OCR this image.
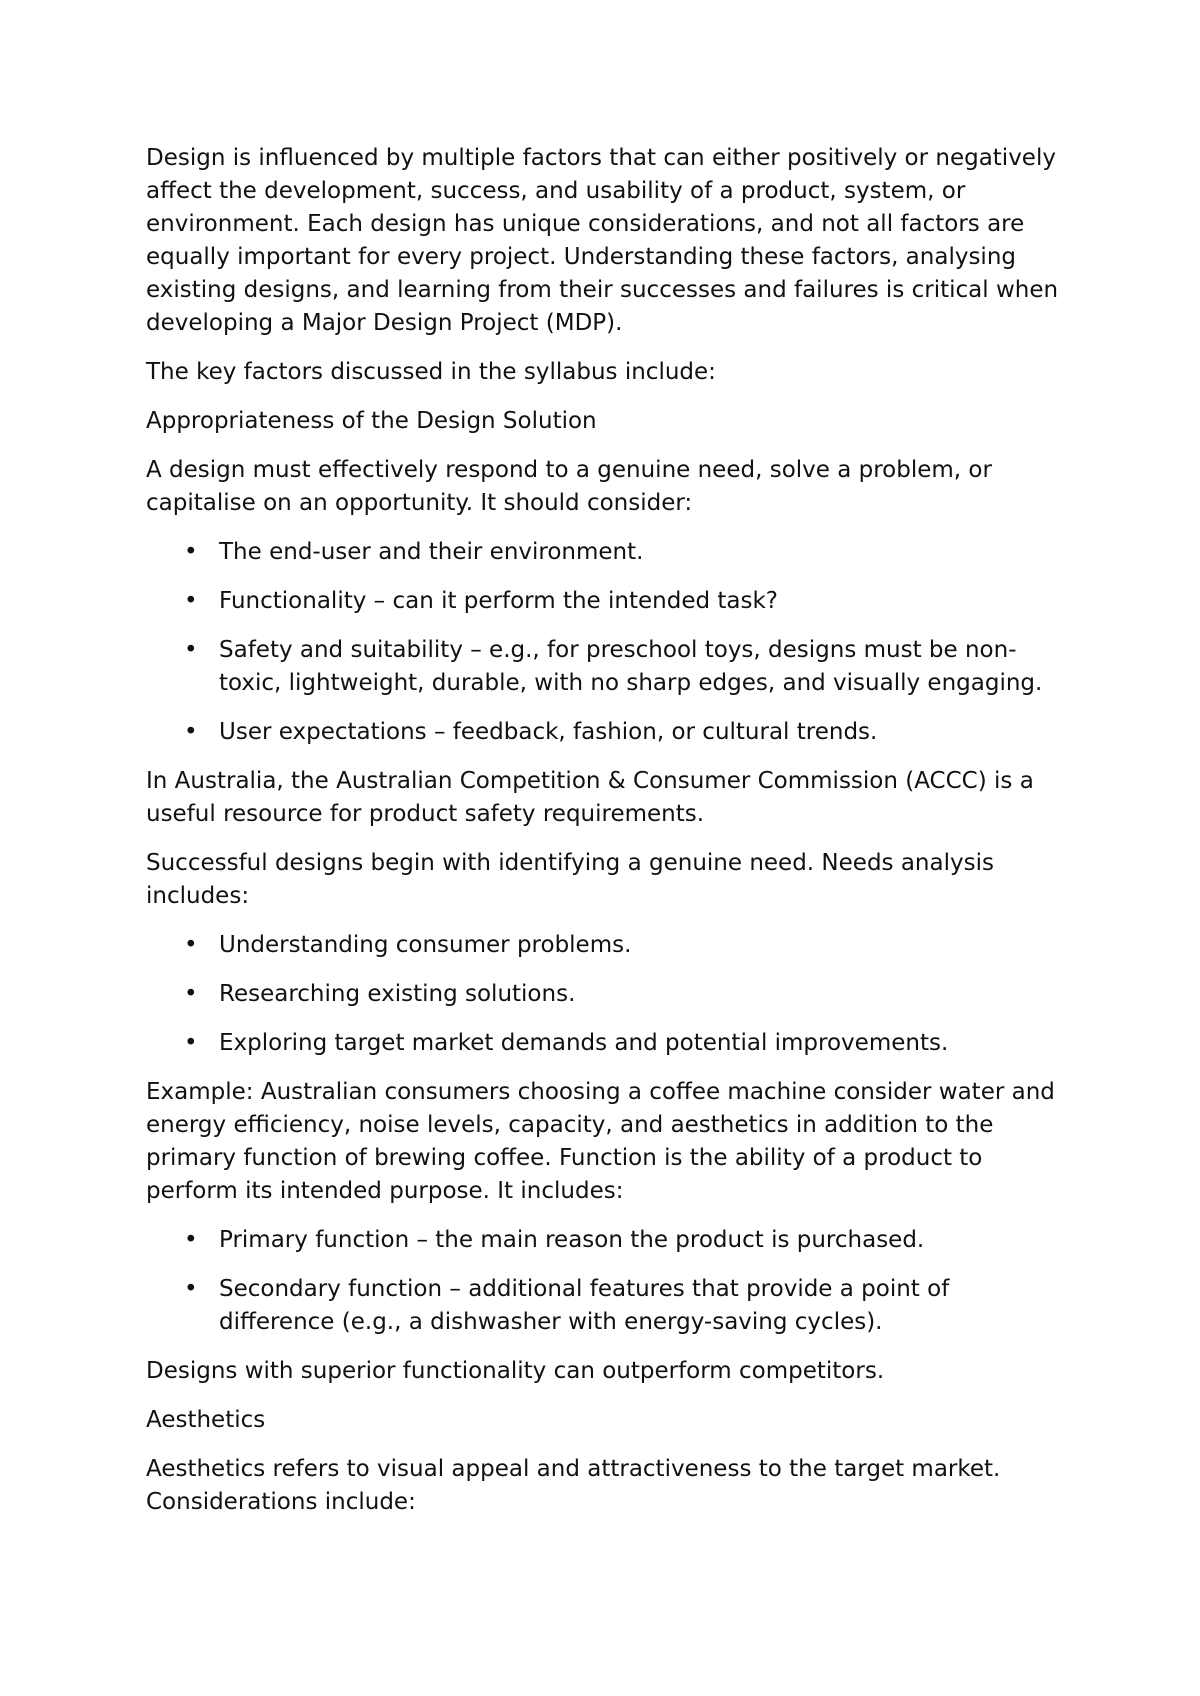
Design is influenced by multiple factors that can either positively or negatively affect the development, success, and usability of a product, system, or environment. Each design has unique considerations, and not all factors are equally important for every project. Understanding these factors, analysing existing designs, and learning from their successes and failures is critical when developing a Major Design Project (MDP).

The key factors discussed in the syllabus include:

Appropriateness of the Design Solution

A design must effectively respond to a genuine need, solve a problem, or capitalise on an opportunity. It should consider:

• The end-user and their environment.
• Functionality – can it perform the intended task?
• Safety and suitability – e.g., for preschool toys, designs must be non-toxic, lightweight, durable, with no sharp edges, and visually engaging.
• User expectations – feedback, fashion, or cultural trends.

In Australia, the Australian Competition & Consumer Commission (ACCC) is a useful resource for product safety requirements.

Successful designs begin with identifying a genuine need. Needs analysis includes:

• Understanding consumer problems.
• Researching existing solutions.
• Exploring target market demands and potential improvements.

Example: Australian consumers choosing a coffee machine consider water and energy efficiency, noise levels, capacity, and aesthetics in addition to the primary function of brewing coffee. Function is the ability of a product to perform its intended purpose. It includes:

• Primary function – the main reason the product is purchased.
• Secondary function – additional features that provide a point of difference (e.g., a dishwasher with energy-saving cycles).

Designs with superior functionality can outperform competitors.

Aesthetics

Aesthetics refers to visual appeal and attractiveness to the target market. Considerations include:
